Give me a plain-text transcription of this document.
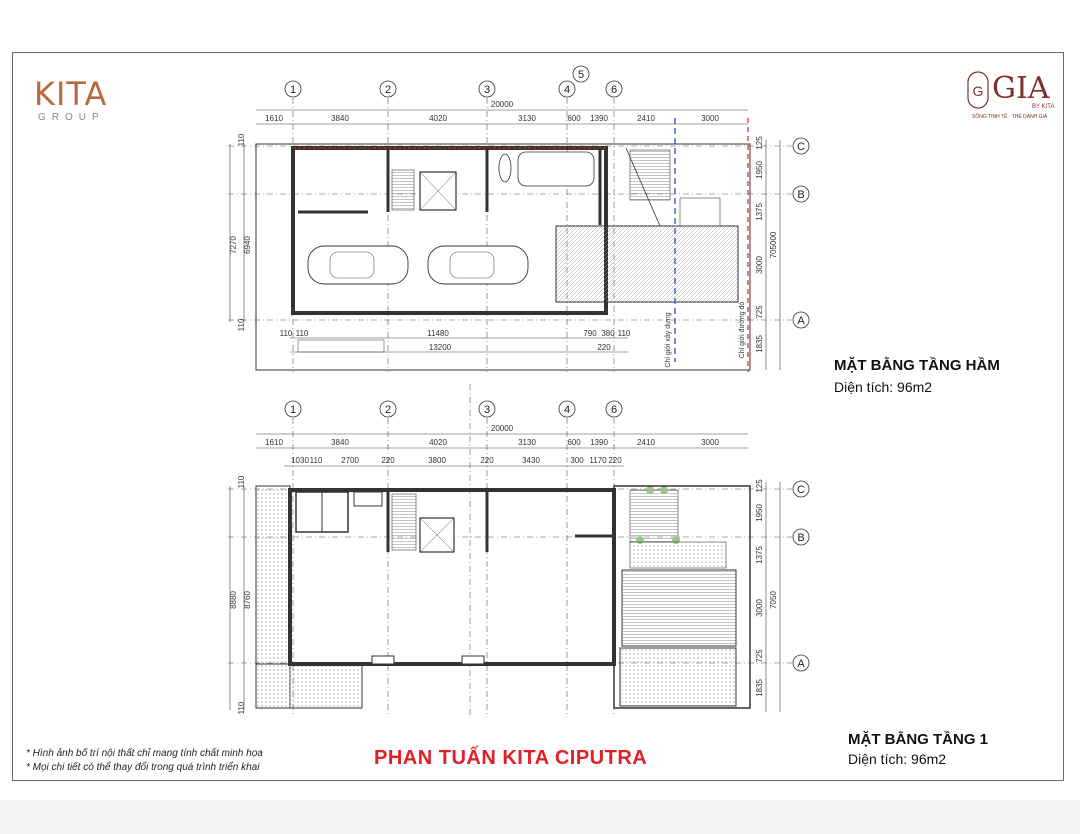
KITA
GROUP
G GIA
BY KITA
SỐNG TINH TẾ · THỂ DANH GIÁ
1	2	3	4
5
6
C
B
A
20000
1610	3840	4020	3130	600 1390	2410	3000
7270 6940
110
110
125
1950
1375
3000
725
1835
705000
Chỉ giới xây dựng	Chỉ giới đường đỏ
110 110	11480	790 380 110
13200	220
1	2	3	4	6
C
B
A
20000
1610	3840	4020	3130	600 1390	2410	3000
1030 110 2700	220	3800	220	3430	300 1170 220
8880 8760
110
110
125
1950
1375
7050
3000
725
1835
MẶT BẰNG TẦNG HẦM
Diện tích: 96m2
MẶT BẰNG TẦNG 1
Diện tích: 96m2
* Hình ảnh bố trí nội thất chỉ mang tính chất minh họa
* Mọi chi tiết có thể thay đổi trong quá trình triển khai	PHAN TUẤN KITA CIPUTRA
